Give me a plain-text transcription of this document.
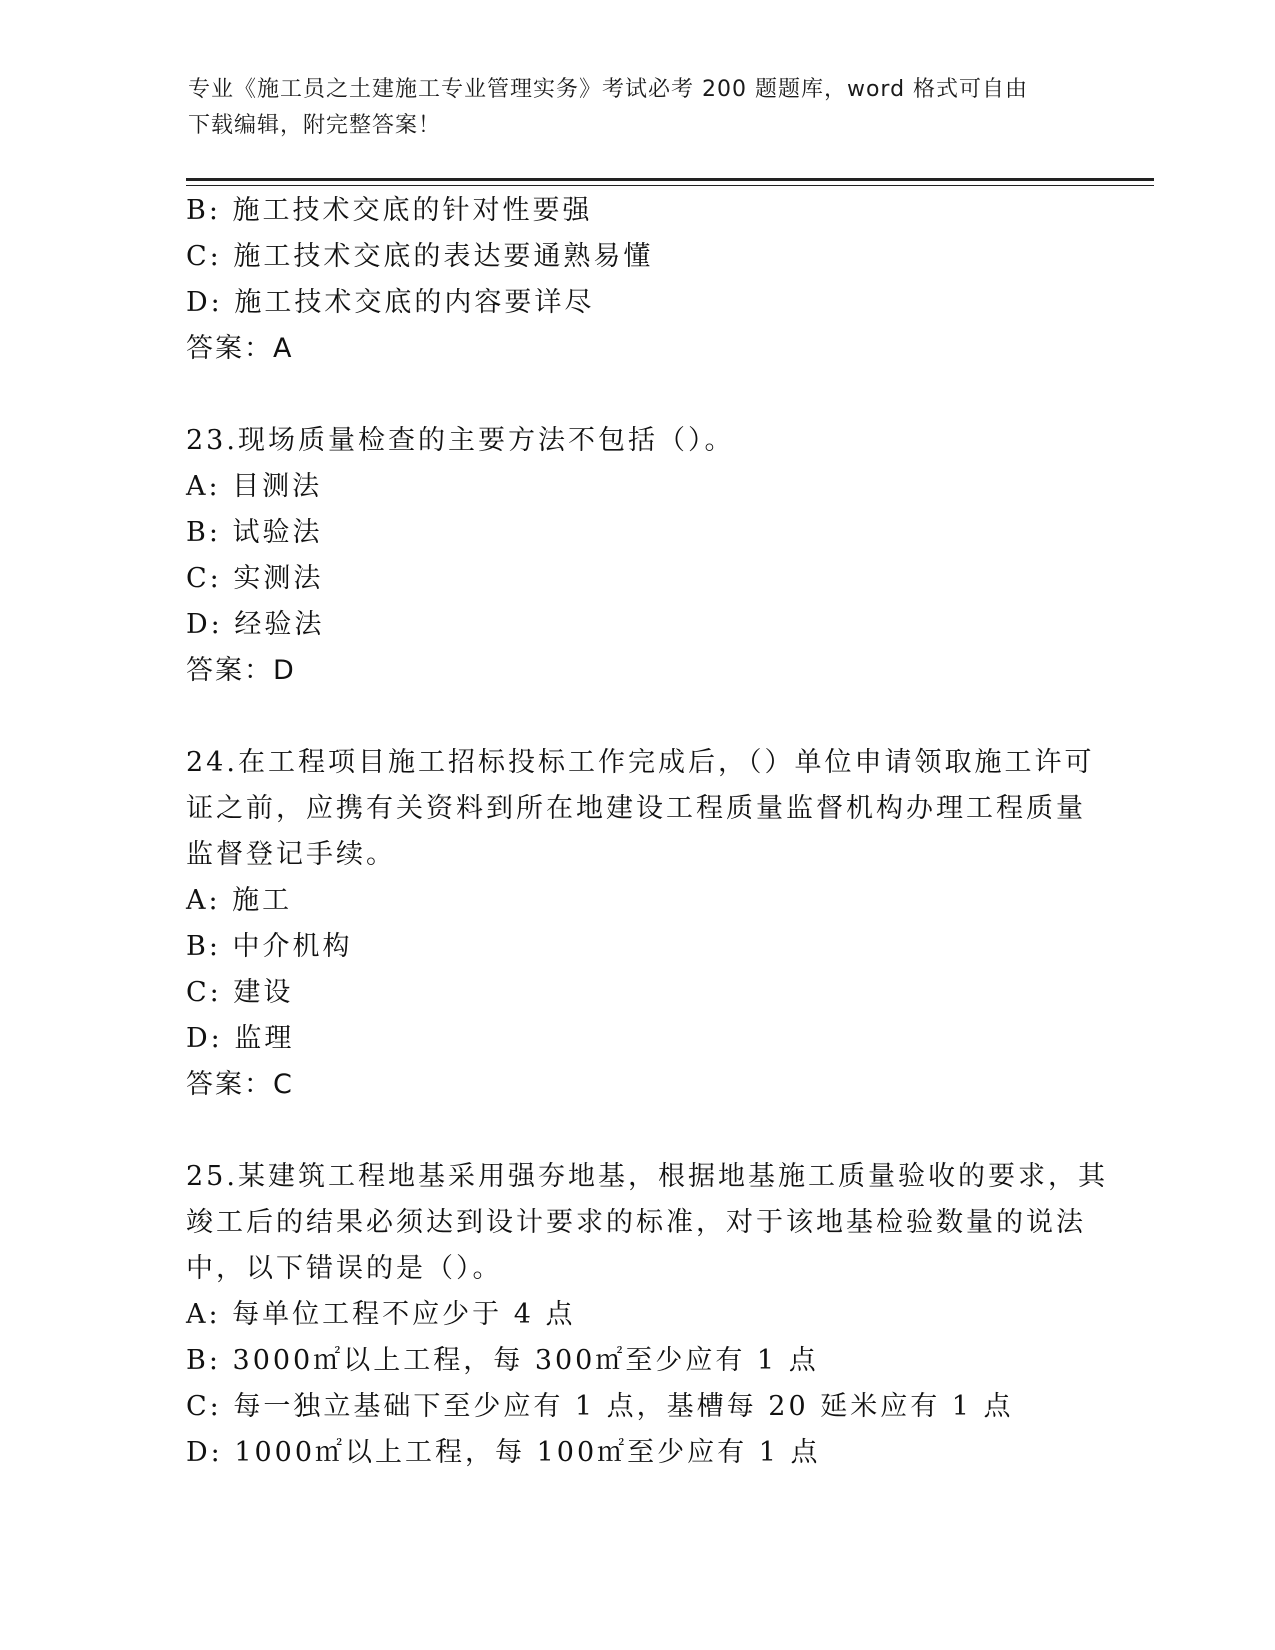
专业《施工员之土建施工专业管理实务》考试必考 200 题题库，word 格式可自由
下载编辑，附完整答案！
B: 施工技术交底的针对性要强
C: 施工技术交底的表达要通熟易懂
D: 施工技术交底的内容要详尽
答案：A
23.现场质量检查的主要方法不包括（）。
A: 目测法
B: 试验法
C: 实测法
D: 经验法
答案：D
24.在工程项目施工招标投标工作完成后，（）单位申请领取施工许可
证之前，应携有关资料到所在地建设工程质量监督机构办理工程质量
监督登记手续。
A: 施工
B: 中介机构
C: 建设
D: 监理
答案：C
25.某建筑工程地基采用强夯地基，根据地基施工质量验收的要求，其
竣工后的结果必须达到设计要求的标准，对于该地基检验数量的说法
中，以下错误的是（）。
A: 每单位工程不应少于 4 点
B: 3000㎡以上工程，每 300㎡至少应有 1 点
C: 每一独立基础下至少应有 1 点，基槽每 20 延米应有 1 点
D: 1000㎡以上工程，每 100㎡至少应有 1 点
